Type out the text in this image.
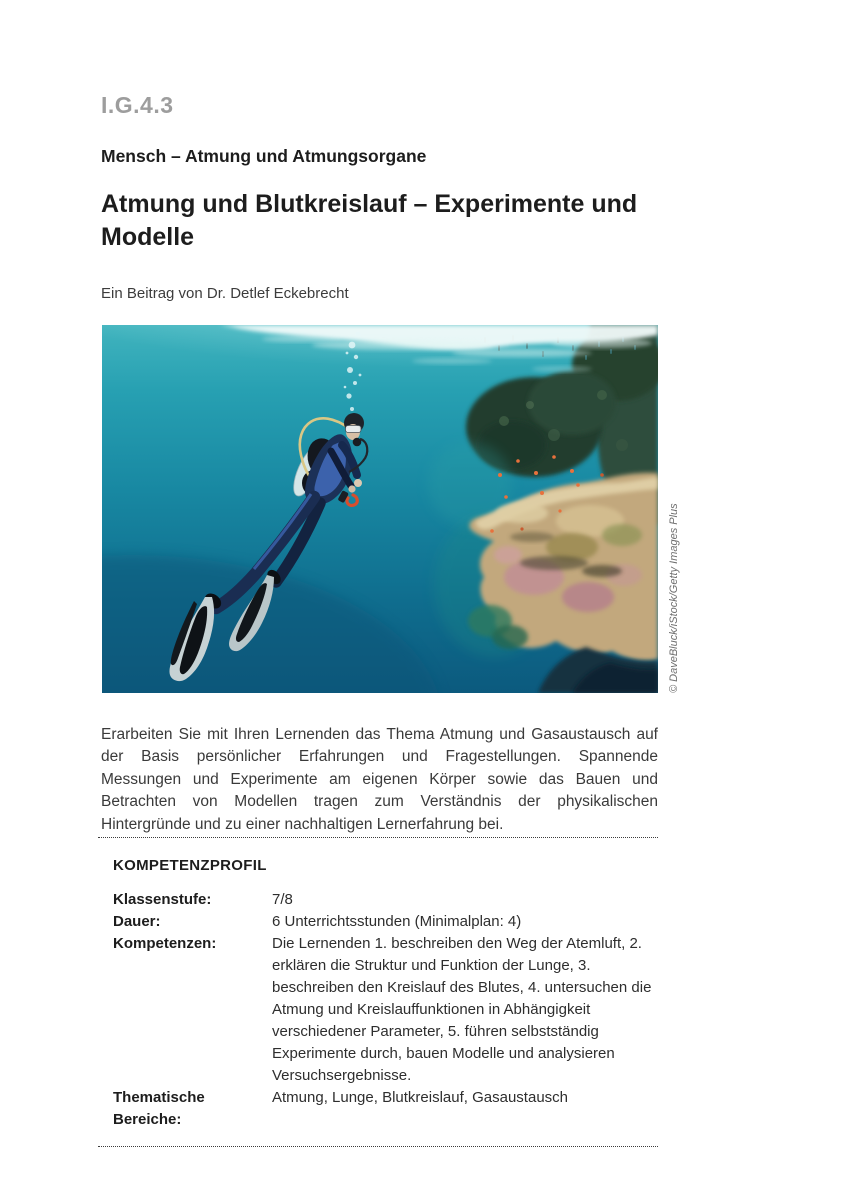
I.G.4.3
Mensch – Atmung und Atmungsorgane
Atmung und Blutkreislauf – Experimente und Modelle
Ein Beitrag von Dr. Detlef Eckebrecht
© DaveBluck/iStock/Getty Images Plus

Erarbeiten Sie mit Ihren Lernenden das Thema Atmung und Gasaustausch auf der Basis persönlicher Erfahrungen und Fragestellungen. Spannende Messungen und Experimente am eigenen Körper sowie das Bauen und Betrachten von Modellen tragen zum Verständnis der physikalischen Hintergründe und zu einer nachhaltigen Lernerfahrung bei.

KOMPETENZPROFIL
Klassenstufe:	7/8
Dauer:	6 Unterrichtsstunden (Minimalplan: 4)
Kompetenzen:	Die Lernenden 1. beschreiben den Weg der Atemluft, 2. erklären die Struktur und Funktion der Lunge, 3. beschreiben den Kreislauf des Blutes, 4. untersuchen die Atmung und Kreislauffunktionen in Abhängigkeit verschiedener Parameter, 5. führen selbstständig Experimente durch, bauen Modelle und analysieren Versuchsergebnisse.
Thematische Bereiche:
Atmung, Lunge, Blutkreislauf, Gasaustausch
